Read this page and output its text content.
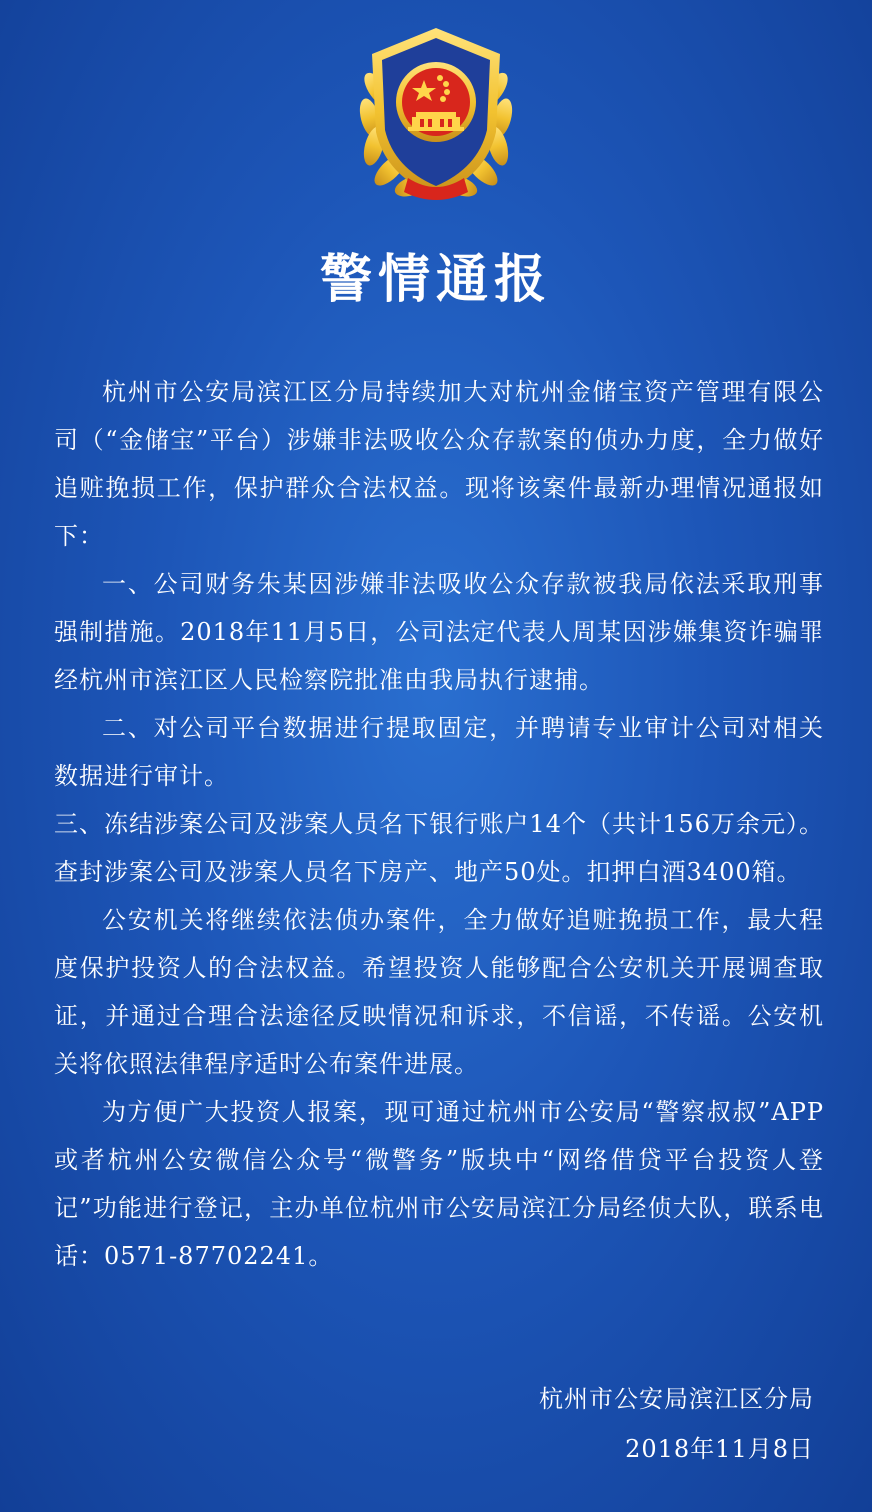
警情通报

杭州市公安局滨江区分局持续加大对杭州金储宝资产管理有限公司（“金储宝”平台）涉嫌非法吸收公众存款案的侦办力度，全力做好追赃挽损工作，保护群众合法权益。现将该案件最新办理情况通报如下：

一、公司财务朱某因涉嫌非法吸收公众存款被我局依法采取刑事强制措施。2018年11月5日，公司法定代表人周某因涉嫌集资诈骗罪经杭州市滨江区人民检察院批准由我局执行逮捕。

二、对公司平台数据进行提取固定，并聘请专业审计公司对相关数据进行审计。

三、冻结涉案公司及涉案人员名下银行账户14个（共计156万余元）。查封涉案公司及涉案人员名下房产、地产50处。扣押白酒3400箱。

公安机关将继续依法侦办案件，全力做好追赃挽损工作，最大程度保护投资人的合法权益。希望投资人能够配合公安机关开展调查取证，并通过合理合法途径反映情况和诉求，不信谣，不传谣。公安机关将依照法律程序适时公布案件进展。

为方便广大投资人报案，现可通过杭州市公安局“警察叔叔”APP或者杭州公安微信公众号“微警务”版块中“网络借贷平台投资人登记”功能进行登记，主办单位杭州市公安局滨江分局经侦大队，联系电话：0571-87702241。

杭州市公安局滨江区分局
2018年11月8日
